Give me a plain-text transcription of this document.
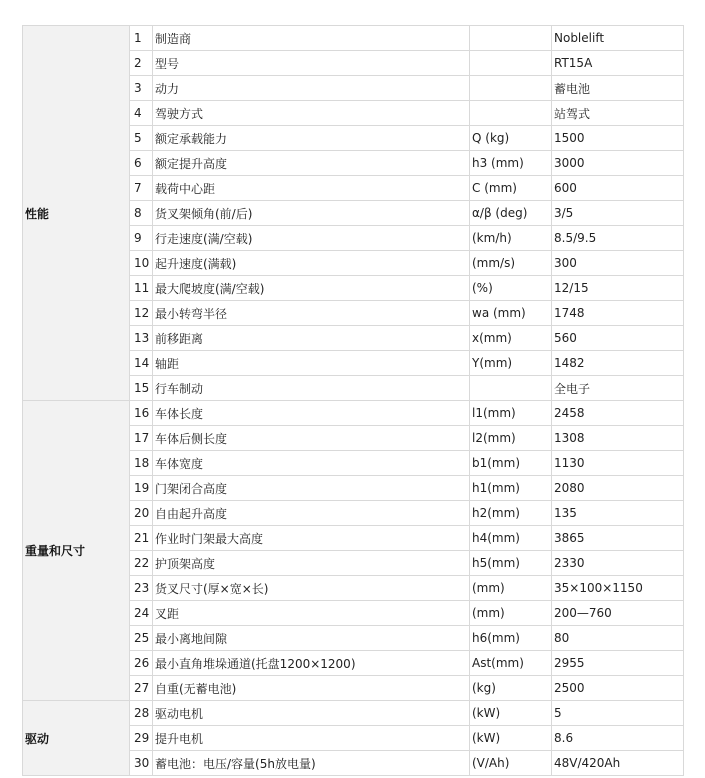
性能	1	制造商		Noblelift
	2	型号		RT15A
	3	动力		蓄电池
	4	驾驶方式		站驾式
	5	额定承载能力	Q (kg)	1500
	6	额定提升高度	h3 (mm)	3000
	7	载荷中心距	C (mm)	600
	8	货叉架倾角(前/后)	α/β (deg)	3/5
	9	行走速度(满/空载)	(km/h)	8.5/9.5
	10	起升速度(满载)	(mm/s)	300
	11	最大爬坡度(满/空载)	(%)	12/15
	12	最小转弯半径	wa (mm)	1748
	13	前移距离	x(mm)	560
	14	轴距	Y(mm)	1482
	15	行车制动		全电子
重量和尺寸	16	车体长度	l1(mm)	2458
	17	车体后侧长度	l2(mm)	1308
	18	车体宽度	b1(mm)	1130
	19	门架闭合高度	h1(mm)	2080
	20	自由起升高度	h2(mm)	135
	21	作业时门架最大高度	h4(mm)	3865
	22	护顶架高度	h5(mm)	2330
	23	货叉尺寸(厚×宽×长)	(mm)	35×100×1150
	24	叉距	(mm)	200—760
	25	最小离地间隙	h6(mm)	80
	26	最小直角堆垛通道(托盘1200×1200)	Ast(mm)	2955
	27	自重(无蓄电池)	(kg)	2500
驱动	28	驱动电机	(kW)	5
	29	提升电机	(kW)	8.6
	30	蓄电池：电压/容量(5h放电量)	(V/Ah)	48V/420Ah
